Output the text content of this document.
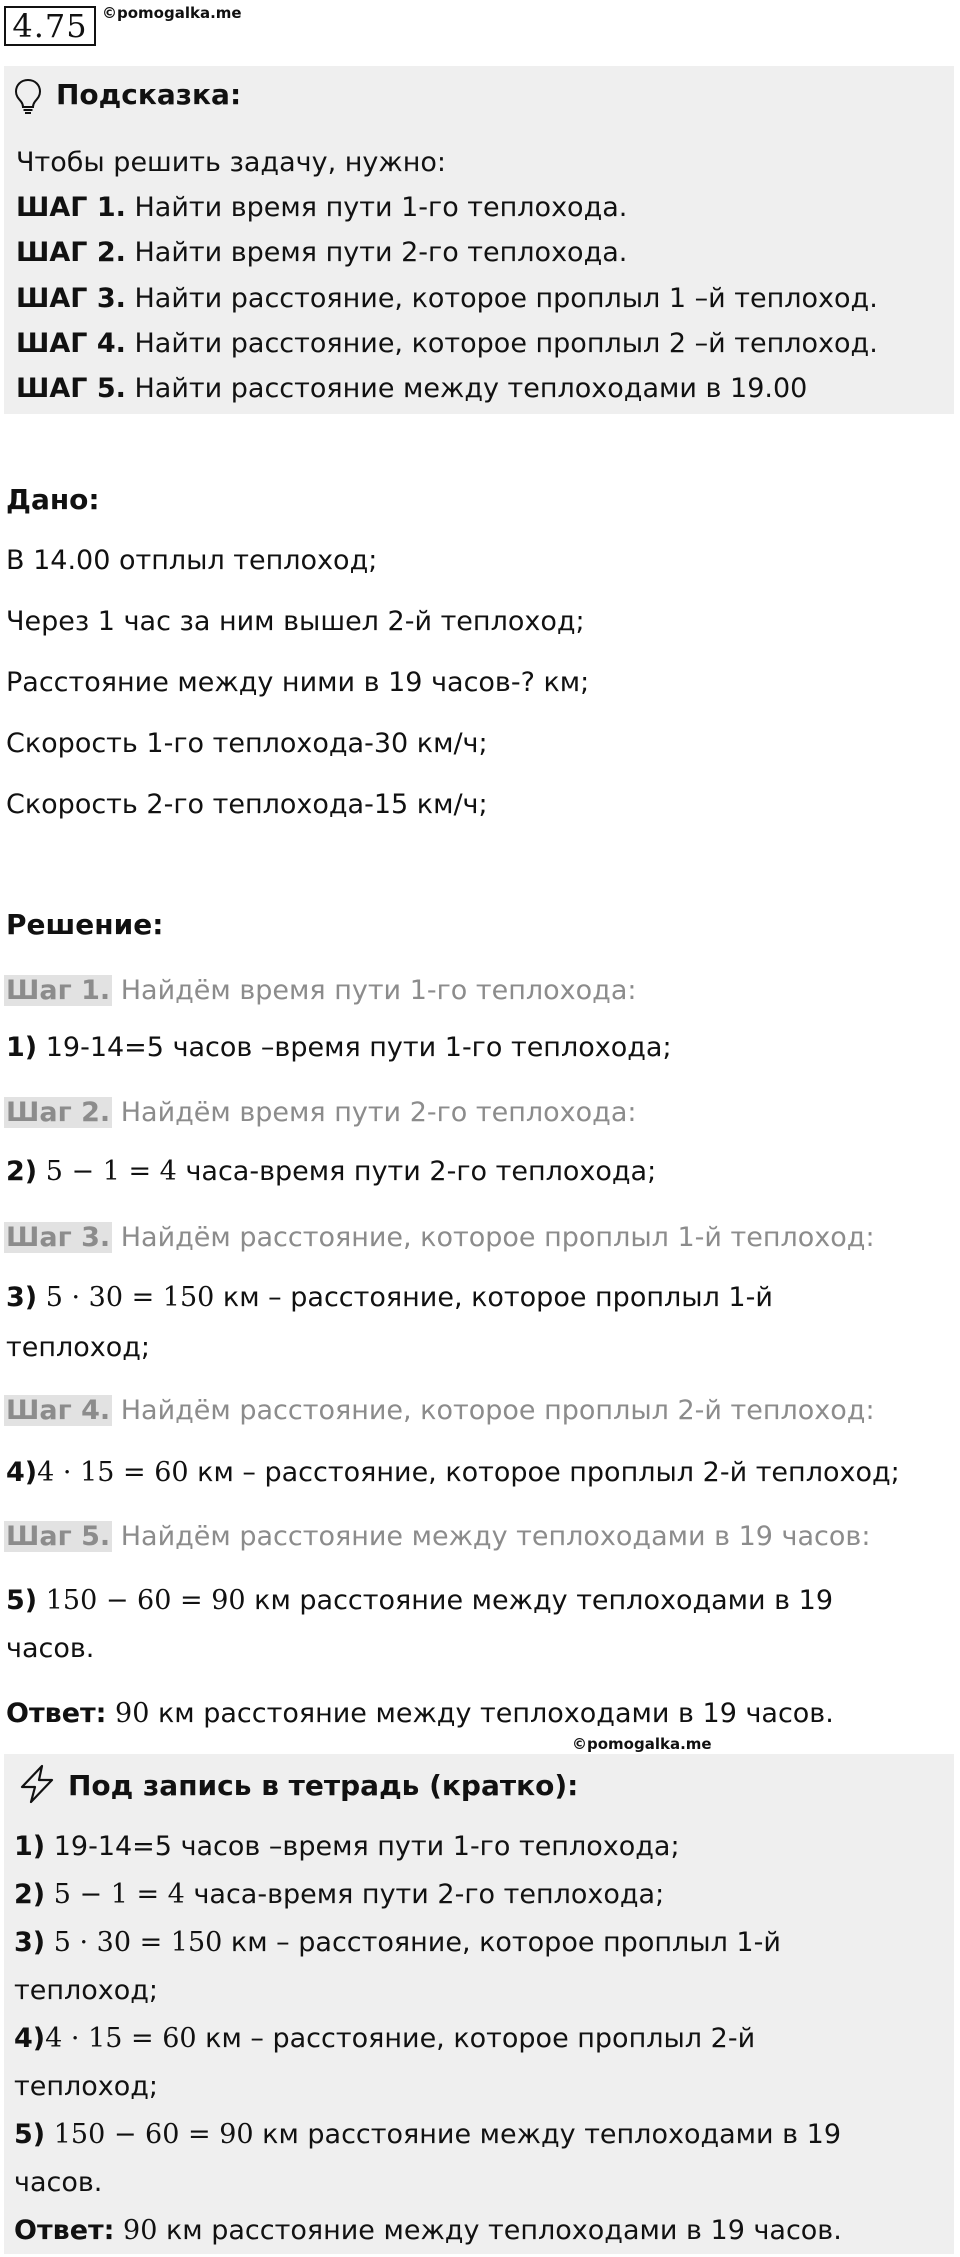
4.75 ©pomogalka.me
Подсказка:
Чтобы решить задачу, нужно:
ШАГ 1. Найти время пути 1-го теплохода.
ШАГ 2. Найти время пути 2-го теплохода.
ШАГ 3. Найти расстояние, которое проплыл 1 –й теплоход.
ШАГ 4. Найти расстояние, которое проплыл 2 –й теплоход.
ШАГ 5. Найти расстояние между теплоходами в 19.00
Дано:
В 14.00 отплыл теплоход;
Через 1 час за ним вышел 2-й теплоход;
Расстояние между ними в 19 часов-? км;
Скорость 1-го теплохода-30 км/ч;
Скорость 2-го теплохода-15 км/ч;
Решение:
Шаг 1. Найдём время пути 1-го теплохода:
1) 19-14=5 часов –время пути 1-го теплохода;
Шаг 2. Найдём время пути 2-го теплохода:
2) 5 − 1 = 4 часа-время пути 2-го теплохода;
Шаг 3. Найдём расстояние, которое проплыл 1-й теплоход:
3) 5 · 30 = 150 км – расстояние, которое проплыл 1-й
теплоход;
Шаг 4. Найдём расстояние, которое проплыл 2-й теплоход:
4)4 · 15 = 60 км – расстояние, которое проплыл 2-й теплоход;
Шаг 5. Найдём расстояние между теплоходами в 19 часов:
5) 150 − 60 = 90 км расстояние между теплоходами в 19
часов.
Ответ: 90 км расстояние между теплоходами в 19 часов.
©pomogalka.me
Под запись в тетрадь (кратко):
1) 19-14=5 часов –время пути 1-го теплохода;
2) 5 − 1 = 4 часа-время пути 2-го теплохода;
3) 5 · 30 = 150 км – расстояние, которое проплыл 1-й
теплоход;
4)4 · 15 = 60 км – расстояние, которое проплыл 2-й
теплоход;
5) 150 − 60 = 90 км расстояние между теплоходами в 19
часов.
Ответ: 90 км расстояние между теплоходами в 19 часов.
